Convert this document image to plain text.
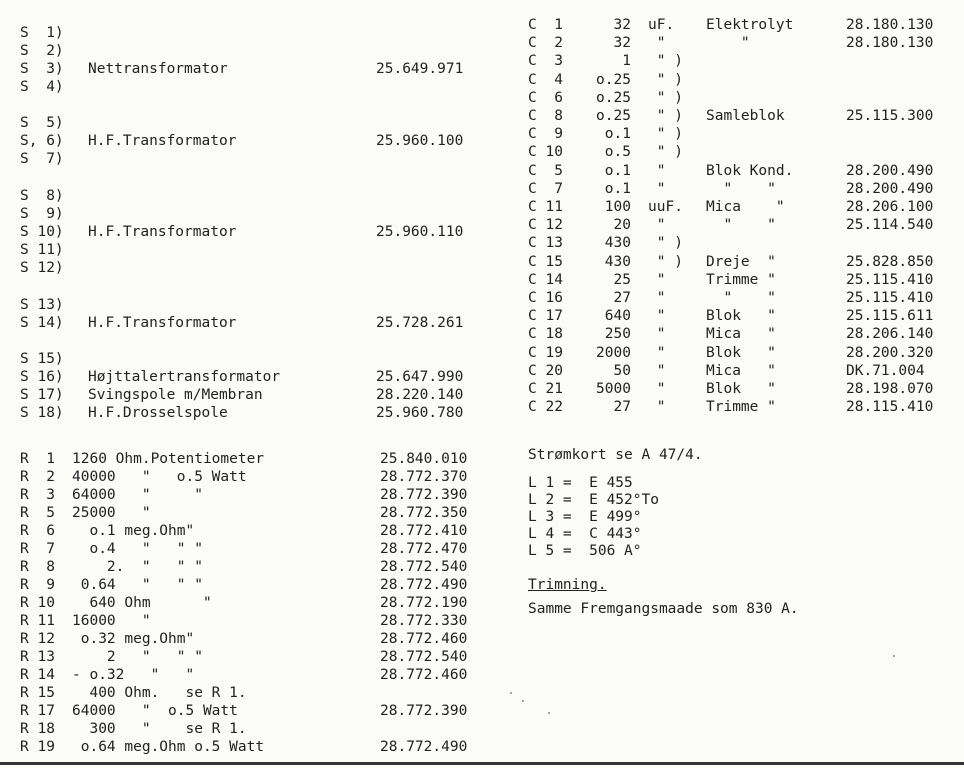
S  1)
S  2)
S  3)
S  4)
Nettransformator	25.649.971
S  5)
S, 6)
S  7)
H.F.Transformator	25.960.100
S  8)
S  9)
S 10)
S 11)
S 12)
H.F.Transformator	25.960.110
S 13)
S 14) H.F.Transformator	25.728.261
S 15)
S 16) Højttalertransformator	25.647.990
S 17) Svingspole m/Membran	28.220.140
S 18) H.F.Drosselspole	25.960.780
R  1 1260 Ohm.Potentiometer	25.840.010
R  2 40000   "   o.5 Watt	28.772.370
R  3 64000   "     "	28.772.390
R  5 25000   "	28.772.350
R  6 o.1 meg.Ohm"	28.772.410
R  7 o.4   "   " "	28.772.470
R  8 2.  "   " "	28.772.540
R  9 0.64   "   " "	28.772.490
R 10 640 Ohm      "	28.772.190
R 11 16000   "	28.772.330
R 12 o.32 meg.Ohm"	28.772.460
R 13 2   "   " "	28.772.540
R 14 - o.32   "   "	28.772.460
R 15 400 Ohm.   se R 1.
R 17 64000   "  o.5 Watt	28.772.390
R 18 300   "    se R 1.
R 19 o.64 meg.Ohm o.5 Watt	28.772.490
C  1 32 uF. Elektrolyt	28.180.130
C  2 32 "	"	28.180.130
C  3 1 " )
C  4 o.25 " )
C  6 o.25 " )
C  8 o.25 " ) Samleblok	25.115.300
C  9 o.1 " )
C 10 o.5 " )
C  5 o.1 "	Blok Kond.	28.200.490
C  7 o.1 "	"    "	28.200.490
C 11 100 uuF. Mica    "	28.206.100
C 12 20 "	"    "	25.114.540
C 13 430 " )
C 15 430 " ) Dreje  "	25.828.850
C 14 25 "	Trimme "	25.115.410
C 16 27 "	"    "	25.115.410
C 17 640 "	Blok   "	25.115.611
C 18 250 "	Mica   "	28.206.140
C 19 2000 "	Blok   "	28.200.320
C 20 50 "	Mica   "	DK.71.004
C 21 5000 "	Blok   "	28.198.070
C 22 27 "	Trimme "	28.115.410
Strømkort se A 47/4.
L 1 =  E 455
L 2 =  E 452°To
L 3 =  E 499°
L 4 =  C 443°
L 5 =  506 A°
Trimning.
Samme Fremgangsmaade som 830 A.
